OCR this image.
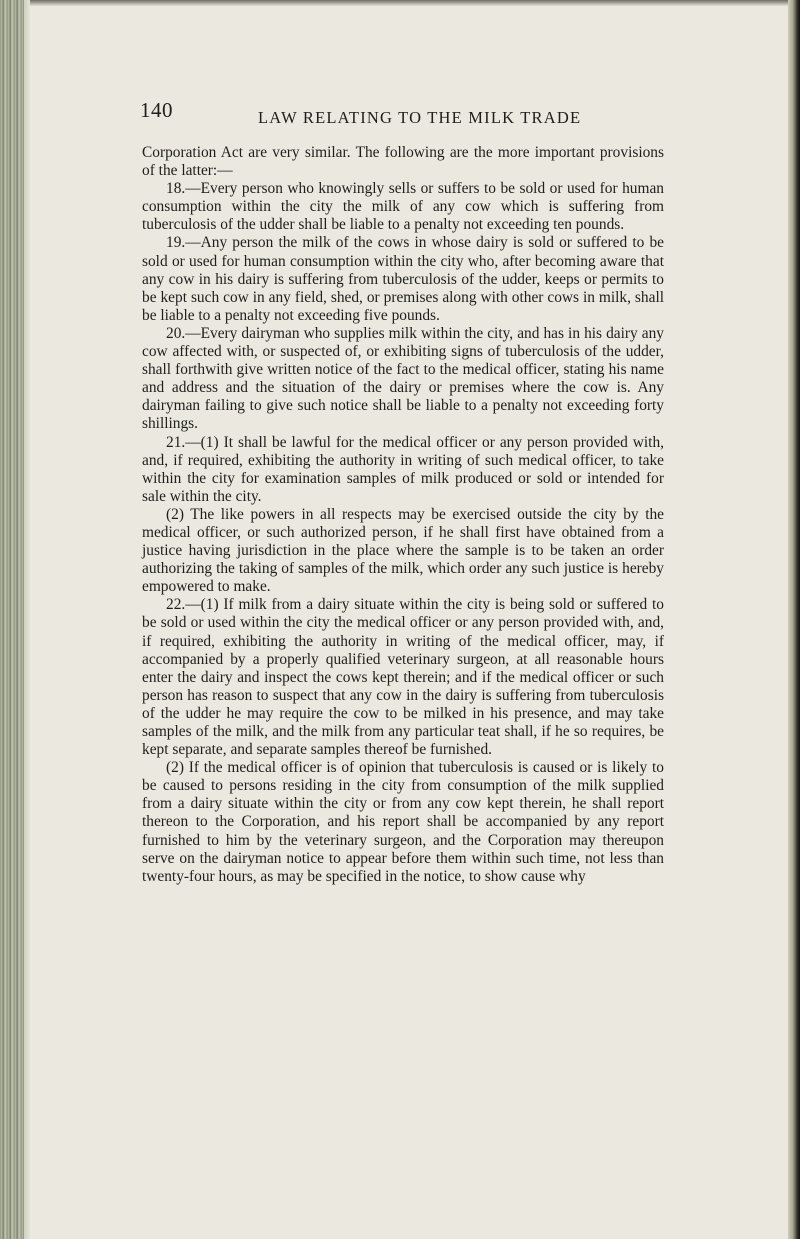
140	LAW RELATING TO THE MILK TRADE

Corporation Act are very similar. The following are the more important provisions of the latter:—

18.—Every person who knowingly sells or suffers to be sold or used for human consumption within the city the milk of any cow which is suffering from tuberculosis of the udder shall be liable to a penalty not exceeding ten pounds.

19.—Any person the milk of the cows in whose dairy is sold or suffered to be sold or used for human consumption within the city who, after becoming aware that any cow in his dairy is suffering from tuberculosis of the udder, keeps or permits to be kept such cow in any field, shed, or premises along with other cows in milk, shall be liable to a penalty not exceeding five pounds.

20.—Every dairyman who supplies milk within the city, and has in his dairy any cow affected with, or suspected of, or exhibiting signs of tuberculosis of the udder, shall forthwith give written notice of the fact to the medical officer, stating his name and address and the situation of the dairy or premises where the cow is. Any dairyman failing to give such notice shall be liable to a penalty not exceeding forty shillings.

21.—(1) It shall be lawful for the medical officer or any person provided with, and, if required, exhibiting the authority in writing of such medical officer, to take within the city for examination samples of milk produced or sold or intended for sale within the city.

(2) The like powers in all respects may be exercised outside the city by the medical officer, or such authorized person, if he shall first have obtained from a justice having jurisdiction in the place where the sample is to be taken an order authorizing the taking of samples of the milk, which order any such justice is hereby empowered to make.

22.—(1) If milk from a dairy situate within the city is being sold or suffered to be sold or used within the city the medical officer or any person provided with, and, if required, exhibiting the authority in writing of the medical officer, may, if accompanied by a properly qualified veterinary surgeon, at all reasonable hours enter the dairy and inspect the cows kept therein; and if the medical officer or such person has reason to suspect that any cow in the dairy is suffering from tuberculosis of the udder he may require the cow to be milked in his presence, and may take samples of the milk, and the milk from any particular teat shall, if he so requires, be kept separate, and separate samples thereof be furnished.

(2) If the medical officer is of opinion that tuberculosis is caused or is likely to be caused to persons residing in the city from consumption of the milk supplied from a dairy situate within the city or from any cow kept therein, he shall report thereon to the Corporation, and his report shall be accompanied by any report furnished to him by the veterinary surgeon, and the Corporation may thereupon serve on the dairyman notice to appear before them within such time, not less than twenty-four hours, as may be specified in the notice, to show cause why
